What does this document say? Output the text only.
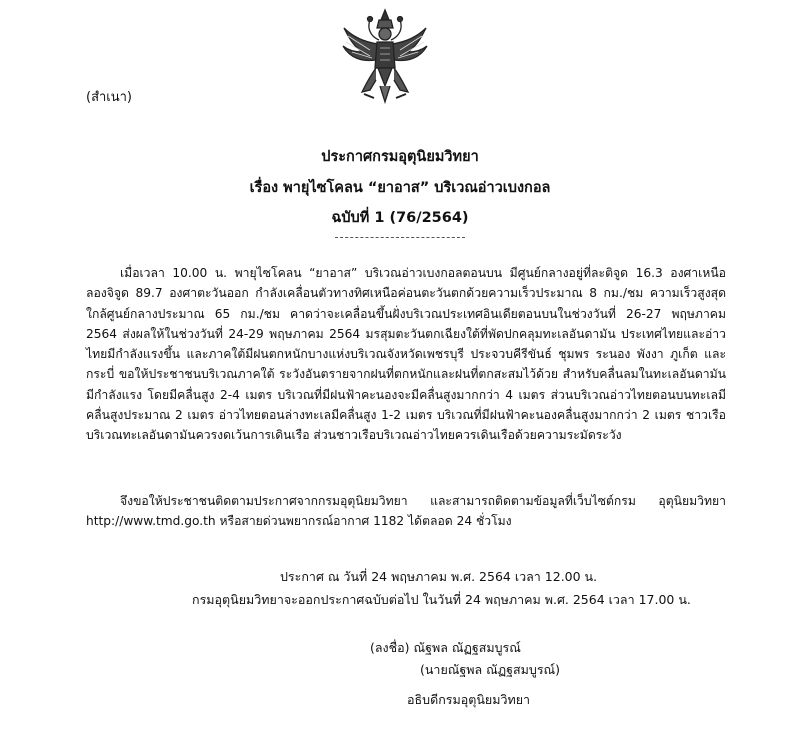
(สำเนา)
ประกาศกรมอุตุนิยมวิทยา
เรื่อง พายุไซโคลน “ยาอาส” บริเวณอ่าวเบงกอล
ฉบับที่ 1 (76/2564)

เมื่อเวลา 10.00 น. พายุไซโคลน “ยาอาส” บริเวณอ่าวเบงกอลตอนบน มีศูนย์กลางอยู่ที่ละติจูด 16.3 องศาเหนือ ลองจิจูด 89.7 องศาตะวันออก กำลังเคลื่อนตัวทางทิศเหนือค่อนตะวันตกด้วยความเร็วประมาณ 8 กม./ชม ความเร็วสูงสุดใกล้ศูนย์กลางประมาณ 65 กม./ชม คาดว่าจะเคลื่อนขึ้นฝั่งบริเวณประเทศอินเดียตอนบนในช่วงวันที่ 26-27 พฤษภาคม 2564 ส่งผลให้ในช่วงวันที่ 24-29 พฤษภาคม 2564 มรสุมตะวันตกเฉียงใต้ที่พัดปกคลุมทะเลอันดามัน ประเทศไทยและอ่าวไทยมีกำลังแรงขึ้น และภาคใต้มีฝนตกหนักบางแห่งบริเวณจังหวัดเพชรบุรี ประจวบคีรีขันธ์ ชุมพร ระนอง พังงา ภูเก็ต และกระบี่ ขอให้ประชาชนบริเวณภาคใต้ ระวังอันตรายจากฝนที่ตกหนักและฝนที่ตกสะสมไว้ด้วย สำหรับคลื่นลมในทะเลอันดามันมีกำลังแรง โดยมีคลื่นสูง 2-4 เมตร บริเวณที่มีฝนฟ้าคะนองจะมีคลื่นสูงมากกว่า 4 เมตร ส่วนบริเวณอ่าวไทยตอนบนทะเลมีคลื่นสูงประมาณ 2 เมตร อ่าวไทยตอนล่างทะเลมีคลื่นสูง 1-2 เมตร บริเวณที่มีฝนฟ้าคะนองคลื่นสูงมากกว่า 2 เมตร ชาวเรือบริเวณทะเลอันดามันควรงดเว้นการเดินเรือ ส่วนชาวเรือบริเวณอ่าวไทยควรเดินเรือด้วยความระมัดระวัง

จึงขอให้ประชาชนติดตามประกาศจากกรมอุตุนิยมวิทยา และสามารถติดตามข้อมูลที่เว็บไซต์กรม อุตุนิยมวิทยา http://www.tmd.go.th หรือสายด่วนพยากรณ์อากาศ 1182 ได้ตลอด 24 ชั่วโมง

ประกาศ ณ วันที่ 24 พฤษภาคม พ.ศ. 2564 เวลา 12.00 น.
กรมอุตุนิยมวิทยาจะออกประกาศฉบับต่อไป ในวันที่ 24 พฤษภาคม พ.ศ. 2564 เวลา 17.00 น.
(ลงชื่อ) ณัฐพล ณัฏฐสมบูรณ์
(นายณัฐพล ณัฏฐสมบูรณ์)
อธิบดีกรมอุตุนิยมวิทยา
